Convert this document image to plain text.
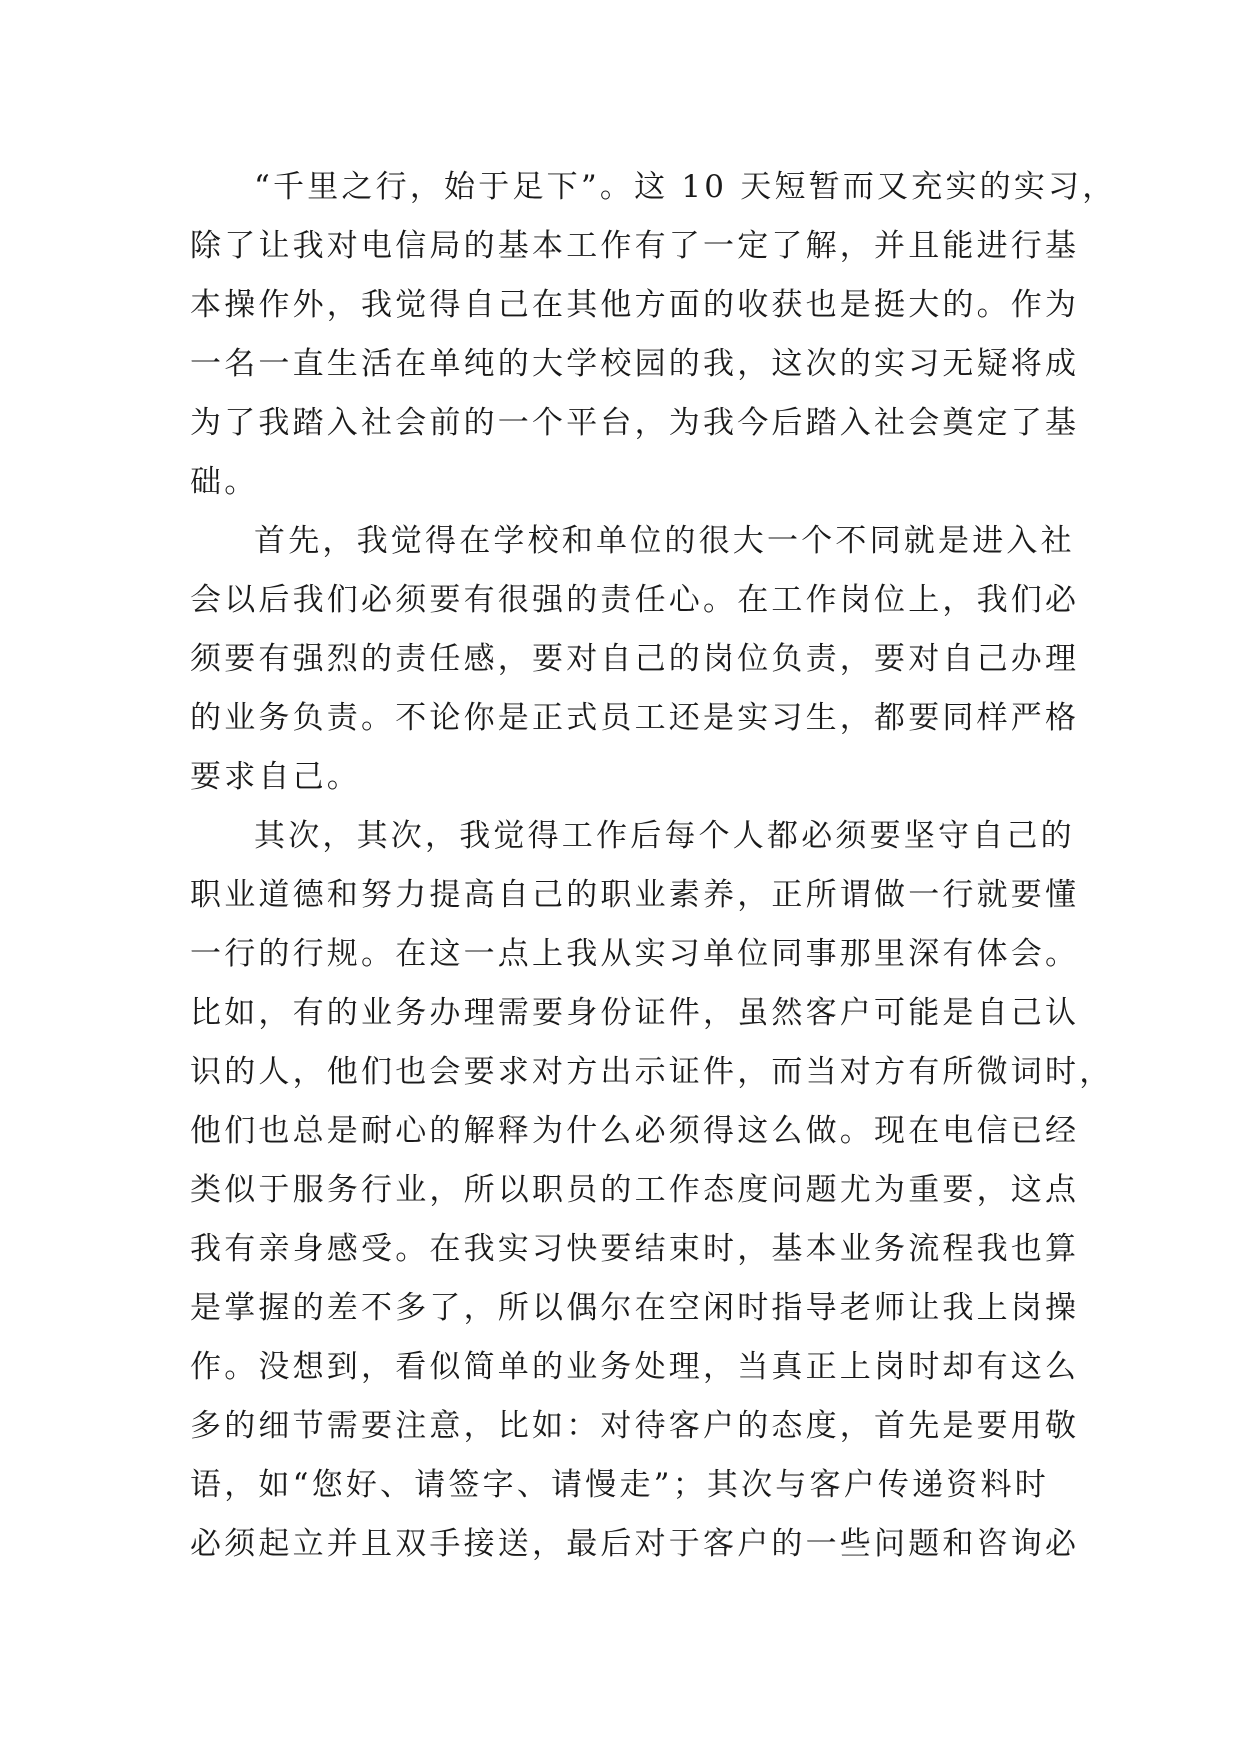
“千里之行，始于足下”。这 10 天短暂而又充实的实习，
除了让我对电信局的基本工作有了一定了解，并且能进行基
本操作外，我觉得自己在其他方面的收获也是挺大的。作为
一名一直生活在单纯的大学校园的我，这次的实习无疑将成
为了我踏入社会前的一个平台，为我今后踏入社会奠定了基
础。
首先，我觉得在学校和单位的很大一个不同就是进入社
会以后我们必须要有很强的责任心。在工作岗位上，我们必
须要有强烈的责任感，要对自己的岗位负责，要对自己办理
的业务负责。不论你是正式员工还是实习生，都要同样严格
要求自己。
其次，其次，我觉得工作后每个人都必须要坚守自己的
职业道德和努力提高自己的职业素养，正所谓做一行就要懂
一行的行规。在这一点上我从实习单位同事那里深有体会。
比如，有的业务办理需要身份证件，虽然客户可能是自己认
识的人，他们也会要求对方出示证件，而当对方有所微词时，
他们也总是耐心的解释为什么必须得这么做。现在电信已经
类似于服务行业，所以职员的工作态度问题尤为重要，这点
我有亲身感受。在我实习快要结束时，基本业务流程我也算
是掌握的差不多了，所以偶尔在空闲时指导老师让我上岗操
作。没想到，看似简单的业务处理，当真正上岗时却有这么
多的细节需要注意，比如：对待客户的态度，首先是要用敬
语，如“您好、请签字、请慢走”；其次与客户传递资料时
必须起立并且双手接送，最后对于客户的一些问题和咨询必
